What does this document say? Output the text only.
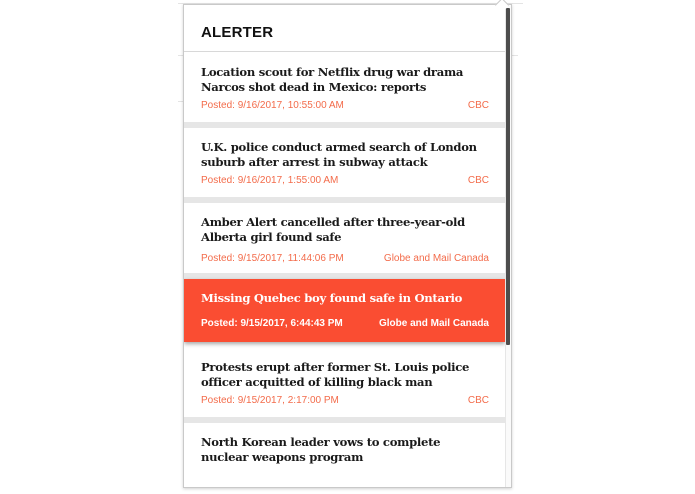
ALERTER
Location scout for Netflix drug war drama Narcos shot dead in Mexico: reports
Posted: 9/16/2017, 10:55:00 AM	CBC
U.K. police conduct armed search of London suburb after arrest in subway attack
Posted: 9/16/2017, 1:55:00 AM	CBC
Amber Alert cancelled after three-year-old Alberta girl found safe
Posted: 9/15/2017, 11:44:06 PM	Globe and Mail Canada
Missing Quebec boy found safe in Ontario
Posted: 9/15/2017, 6:44:43 PM	Globe and Mail Canada
Protests erupt after former St. Louis police officer acquitted of killing black man
Posted: 9/15/2017, 2:17:00 PM	CBC
North Korean leader vows to complete nuclear weapons program
